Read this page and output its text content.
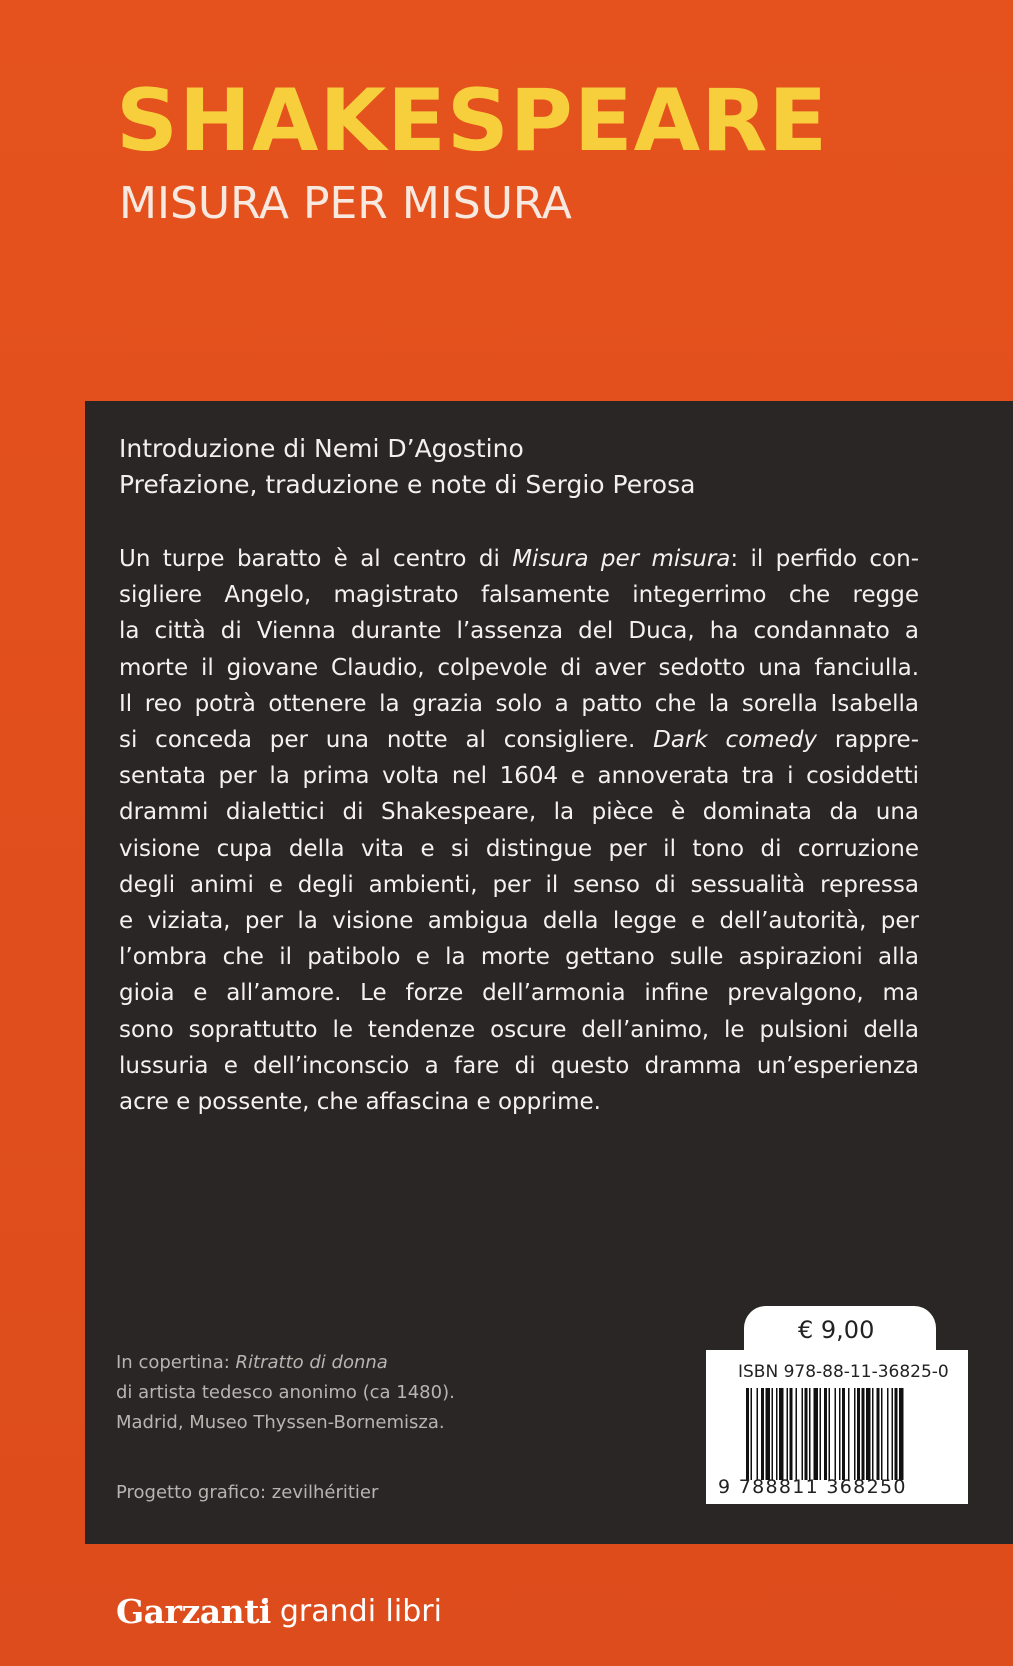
SHAKESPEARE
MISURA PER MISURA
Introduzione di Nemi D’Agostino
Prefazione, traduzione e note di Sergio Perosa
Un turpe baratto è al centro di Misura per misura: il perfido con-
sigliere Angelo, magistrato falsamente integerrimo che regge
la città di Vienna durante l’assenza del Duca, ha condannato a
morte il giovane Claudio, colpevole di aver sedotto una fanciulla.
Il reo potrà ottenere la grazia solo a patto che la sorella Isabella
si conceda per una notte al consigliere. Dark comedy rappre-
sentata per la prima volta nel 1604 e annoverata tra i cosiddetti
drammi dialettici di Shakespeare, la pièce è dominata da una
visione cupa della vita e si distingue per il tono di corruzione
degli animi e degli ambienti, per il senso di sessualità repressa
e viziata, per la visione ambigua della legge e dell’autorità, per
l’ombra che il patibolo e la morte gettano sulle aspirazioni alla
gioia e all’amore. Le forze dell’armonia infine prevalgono, ma
sono soprattutto le tendenze oscure dell’animo, le pulsioni della
lussuria e dell’inconscio a fare di questo dramma un’esperienza
acre e possente, che affascina e opprime.
In copertina: Ritratto di donna
di artista tedesco anonimo (ca 1480).
Madrid, Museo Thyssen-Bornemisza.
Progetto grafico: zevilhéritier
€ 9,00
ISBN 978-88-11-36825-0
9 788811 368250
Garzanti
i grandi libri
